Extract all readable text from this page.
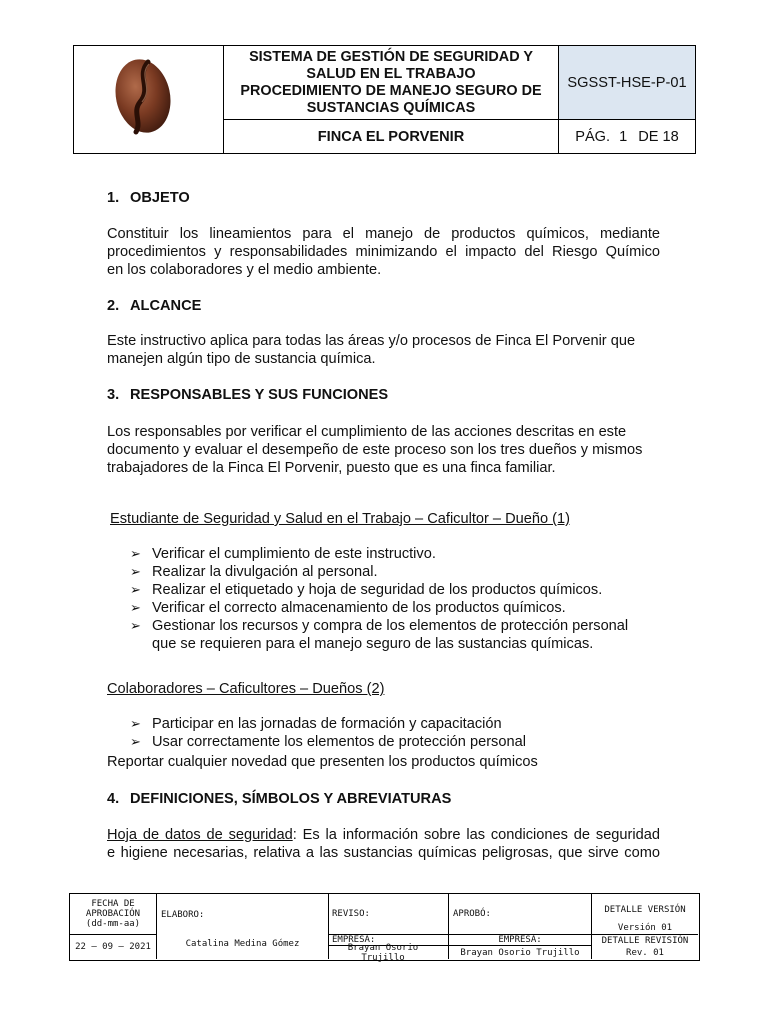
SISTEMA DE GESTIÓN DE SEGURIDAD Y
SALUD EN EL TRABAJO
PROCEDIMIENTO DE MANEJO SEGURO DE
SUSTANCIAS QUÍMICAS
SGSST-HSE-P-01
FINCA EL PORVENIR	PÁG. 1 DE 18
1. OBJETO
Constituir los lineamientos para el manejo de productos químicos, mediante
procedimientos y responsabilidades minimizando el impacto del Riesgo Químico
en los colaboradores y el medio ambiente.
2. ALCANCE
Este instructivo aplica para todas las áreas y/o procesos de Finca El Porvenir que
manejen algún tipo de sustancia química.
3. RESPONSABLES Y SUS FUNCIONES
Los responsables por verificar el cumplimiento de las acciones descritas en este
documento y evaluar el desempeño de este proceso son los tres dueños y mismos
trabajadores de la Finca El Porvenir, puesto que es una finca familiar.
Estudiante de Seguridad y Salud en el Trabajo – Caficultor – Dueño (1)
➢ Verificar el cumplimiento de este instructivo.
➢ Realizar la divulgación al personal.
➢ Realizar el etiquetado y hoja de seguridad de los productos químicos.
➢ Verificar el correcto almacenamiento de los productos químicos.
➢ Gestionar los recursos y compra de los elementos de protección personal
que se requieren para el manejo seguro de las sustancias químicas.
Colaboradores – Caficultores – Dueños (2)
➢ Participar en las jornadas de formación y capacitación
➢ Usar correctamente los elementos de protección personal
Reportar cualquier novedad que presenten los productos químicos
4. DEFINICIONES, SÍMBOLOS Y ABREVIATURAS
Hoja de datos de seguridad: Es la información sobre las condiciones de seguridad
e higiene necesarias, relativa a las sustancias químicas peligrosas, que sirve como
FECHA DE
APROBACIÓN
(dd-mm-aa)
22 – 09 – 2021
ELABORO:
Catalina Medina Gómez
REVISO:
EMPRESA:
Brayan Osorio Trujillo
APROBÓ:
EMPRESA:
Brayan Osorio Trujillo
DETALLE VERSIÓN
Versión 01
DETALLE REVISIÓN
Rev. 01
